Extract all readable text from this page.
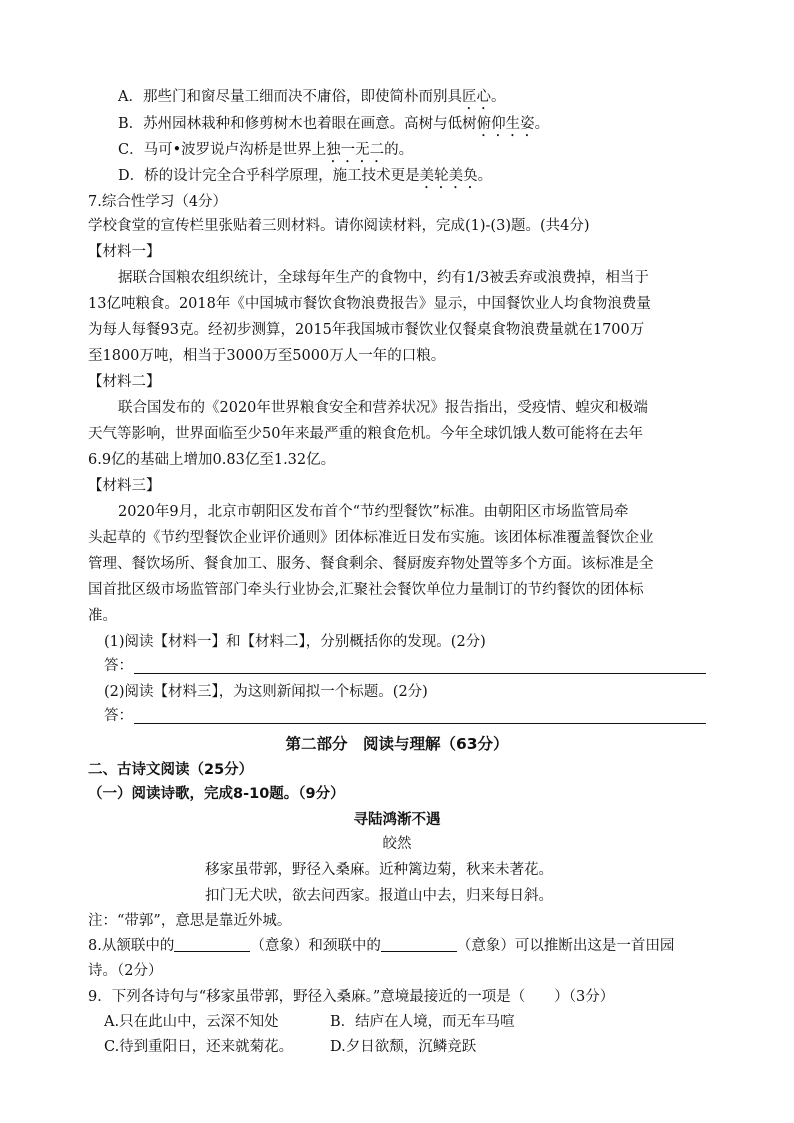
A．那些门和窗尽量工细而决不庸俗，即使简朴而别具匠心。
B．苏州园林栽种和修剪树木也着眼在画意。高树与低树俯仰生姿。
C．马可•波罗说卢沟桥是世界上独一无二的。
D．桥的设计完全合乎科学原理，施工技术更是美轮美奂。
7.综合性学习（4分）
学校食堂的宣传栏里张贴着三则材料。请你阅读材料，完成(1)-(3)题。(共4分)
【材料一】
据联合国粮农组织统计，全球每年生产的食物中，约有1/3被丢弃或浪费掉，相当于
13亿吨粮食。2018年《中国城市餐饮食物浪费报告》显示，中国餐饮业人均食物浪费量
为每人每餐93克。经初步测算，2015年我国城市餐饮业仅餐桌食物浪费量就在1700万
至1800万吨，相当于3000万至5000万人一年的口粮。
【材料二】
联合国发布的《2020年世界粮食安全和营养状况》报告指出，受疫情、蝗灾和极端
天气等影响，世界面临至少50年来最严重的粮食危机。今年全球饥饿人数可能将在去年
6.9亿的基础上增加0.83亿至1.32亿。
【材料三】
2020年9月，北京市朝阳区发布首个“节约型餐饮”标准。由朝阳区市场监管局牵
头起草的《节约型餐饮企业评价通则》团体标准近日发布实施。该团体标准覆盖餐饮企业
管理、餐饮场所、餐食加工、服务、餐食剩余、餐厨废弃物处置等多个方面。该标准是全
国首批区级市场监管部门牵头行业协会,汇聚社会餐饮单位力量制订的节约餐饮的团体标
准。
(1)阅读【材料一】和【材料二】，分别概括你的发现。(2分)
答：
(2)阅读【材料三】，为这则新闻拟一个标题。(2分)
答：
第二部分　阅读与理解（63分）
二、古诗文阅读（25分）
（一）阅读诗歌，完成8-10题。（9分）
寻陆鸿渐不遇
皎然
移家虽带郭，野径入桑麻。近种篱边菊，秋来未著花。
扣门无犬吠，欲去问西家。报道山中去，归来每日斜。
注：“带郭”，意思是靠近外城。
8.从颔联中的	（意象）和颈联中的	（意象）可以推断出这是一首田园
诗。（2分）
9．下列各诗句与“移家虽带郭，野径入桑麻。”意境最接近的一项是（　　）（3分）
A.只在此山中，云深不知处	B．结庐在人境，而无车马喧
C.待到重阳日，还来就菊花。	D.夕日欲颓，沉鳞竞跃
